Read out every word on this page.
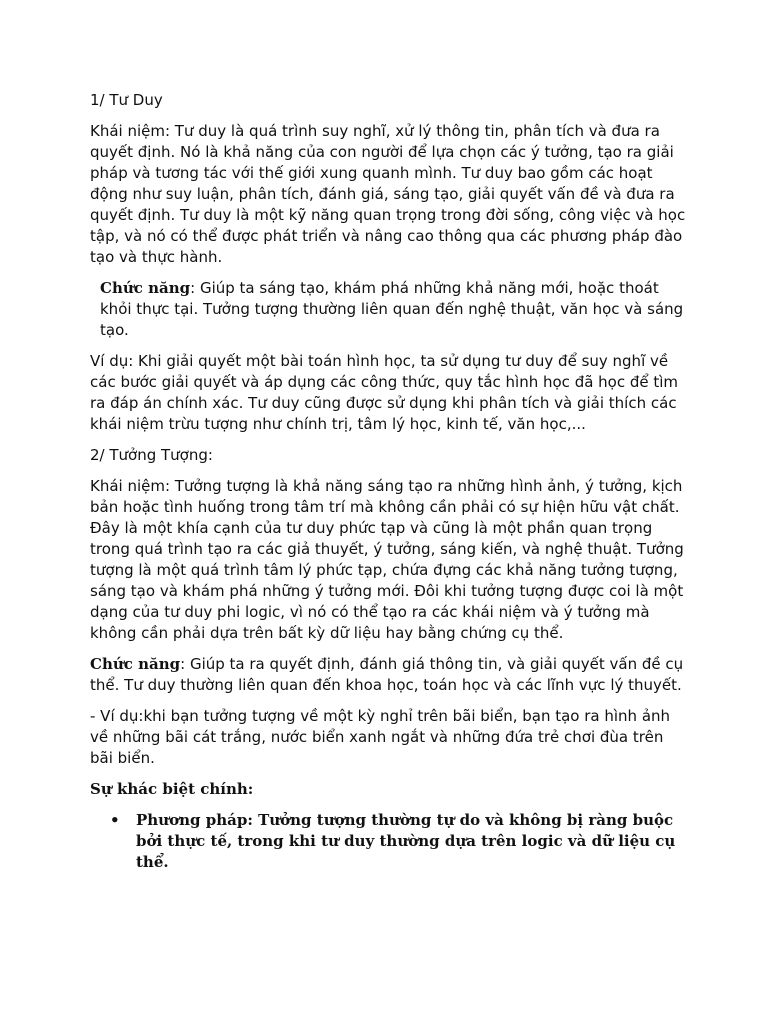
1/ Tư Duy

Khái niệm: Tư duy là quá trình suy nghĩ, xử lý thông tin, phân tích và đưa ra quyết định. Nó là khả năng của con người để lựa chọn các ý tưởng, tạo ra giải pháp và tương tác với thế giới xung quanh mình. Tư duy bao gồm các hoạt động như suy luận, phân tích, đánh giá, sáng tạo, giải quyết vấn đề và đưa ra quyết định. Tư duy là một kỹ năng quan trọng trong đời sống, công việc và học tập, và nó có thể được phát triển và nâng cao thông qua các phương pháp đào tạo và thực hành.

Chức năng: Giúp ta sáng tạo, khám phá những khả năng mới, hoặc thoát khỏi thực tại. Tưởng tượng thường liên quan đến nghệ thuật, văn học và sáng tạo.

Ví dụ: Khi giải quyết một bài toán hình học, ta sử dụng tư duy để suy nghĩ về các bước giải quyết và áp dụng các công thức, quy tắc hình học đã học để tìm ra đáp án chính xác. Tư duy cũng được sử dụng khi phân tích và giải thích các khái niệm trừu tượng như chính trị, tâm lý học, kinh tế, văn học,...

2/ Tưởng Tượng:

Khái niệm: Tưởng tượng là khả năng sáng tạo ra những hình ảnh, ý tưởng, kịch bản hoặc tình huống trong tâm trí mà không cần phải có sự hiện hữu vật chất. Đây là một khía cạnh của tư duy phức tạp và cũng là một phần quan trọng trong quá trình tạo ra các giả thuyết, ý tưởng, sáng kiến, và nghệ thuật. Tưởng tượng là một quá trình tâm lý phức tạp, chứa đựng các khả năng tưởng tượng, sáng tạo và khám phá những ý tưởng mới. Đôi khi tưởng tượng được coi là một dạng của tư duy phi logic, vì nó có thể tạo ra các khái niệm và ý tưởng mà không cần phải dựa trên bất kỳ dữ liệu hay bằng chứng cụ thể.

Chức năng: Giúp ta ra quyết định, đánh giá thông tin, và giải quyết vấn đề cụ thể. Tư duy thường liên quan đến khoa học, toán học và các lĩnh vực lý thuyết.

- Ví dụ:khi bạn tưởng tượng về một kỳ nghỉ trên bãi biển, bạn tạo ra hình ảnh về những bãi cát trắng, nước biển xanh ngắt và những đứa trẻ chơi đùa trên bãi biển.

Sự khác biệt chính:

• Phương pháp: Tưởng tượng thường tự do và không bị ràng buộc bởi thực tế, trong khi tư duy thường dựa trên logic và dữ liệu cụ thể.
